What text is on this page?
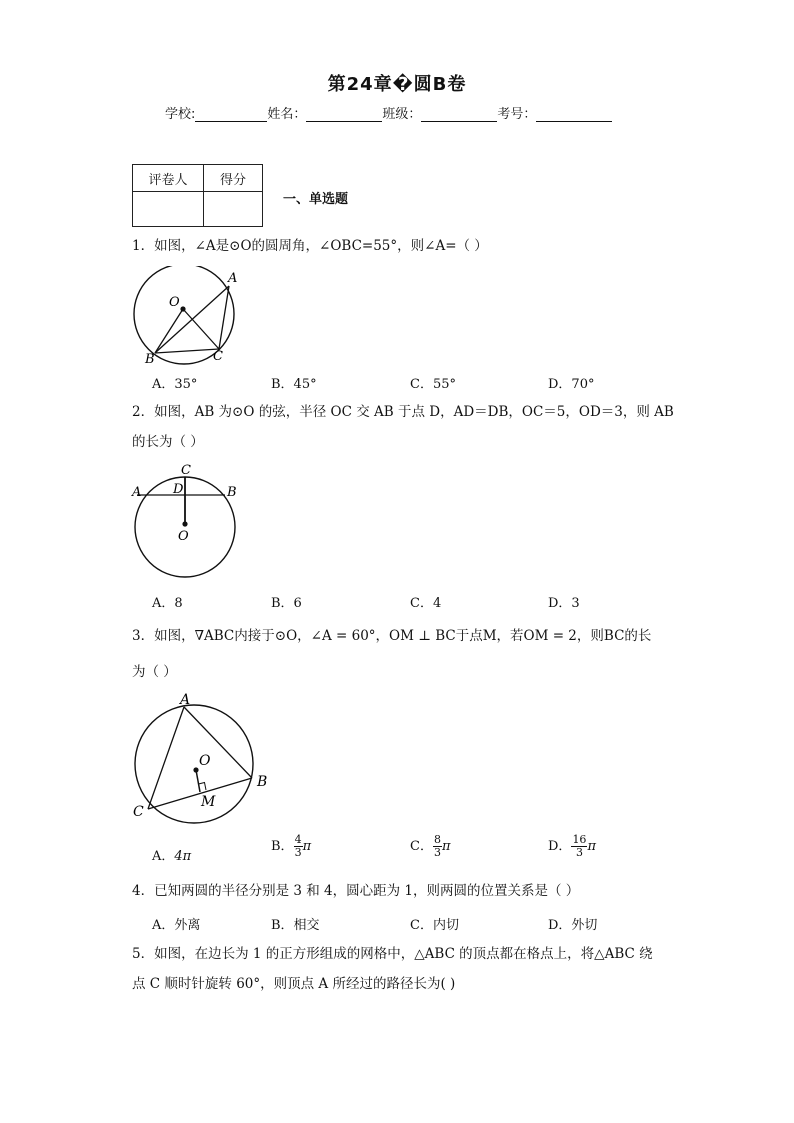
第24章�圆B卷
学校:	姓名：	班级：	考号：
评卷人	得分

一、单选题
1．如图，∠A是⊙O的圆周角，∠OBC=55°，则∠A=（ ）
O
A
B	C
A．35°	B．45°	C．55°	D．70°
2．如图，AB 为⊙O 的弦，半径 OC 交 AB 于点 D，AD＝DB，OC＝5，OD＝3，则 AB
的长为（ ）
C
A D	B
O
A．8	B．6	C．4	D．3
3．如图，∇ABC内接于⊙O，∠A = 60°，OM ⊥ BC于点M，若OM = 2，则BC的长
为（ ）
A
O
B
M
C
A．4π
B． $\frac{4}{3}$ π	C． $\frac{8}{3}$ π	D． $\frac{16}{3}$ π
4．已知两圆的半径分别是 3 和 4，圆心距为 1，则两圆的位置关系是（ ）
A．外离	B．相交	C．内切	D．外切
5．如图，在边长为 1 的正方形组成的网格中，△ABC 的顶点都在格点上，将△ABC 绕
点 C 顺时针旋转 60°，则顶点 A 所经过的路径长为( )
